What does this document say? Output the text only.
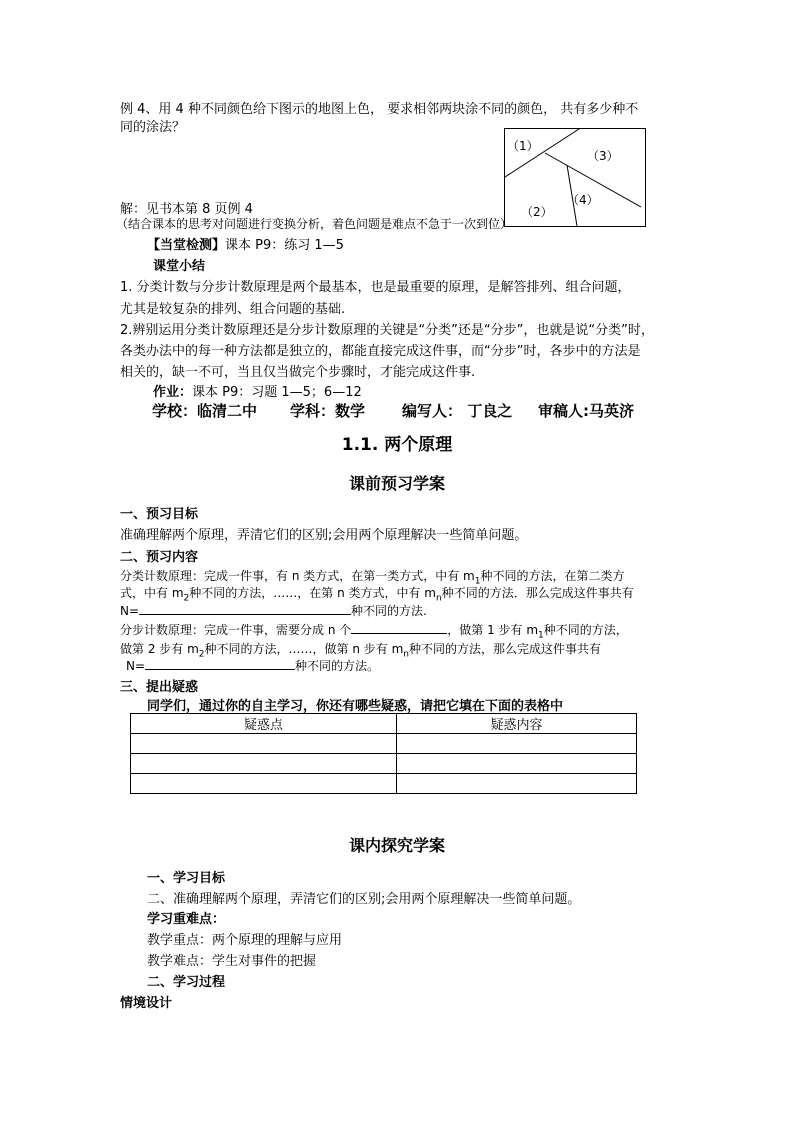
例 4、用 4 种不同颜色给下图示的地图上色， 要求相邻两块涂不同的颜色， 共有多少种不
同的涂法？
（1）
（3）
（4）
（2）
解：见书本第 8 页例 4
（结合课本的思考对问题进行变换分析，着色问题是难点不急于一次到位）
【当堂检测】课本 P9：练习 1—5
课堂小结
1. 分类计数与分步计数原理是两个最基本，也是最重要的原理，是解答排列、组合问题，
尤其是较复杂的排列、组合问题的基础.
2.辨别运用分类计数原理还是分步计数原理的关键是“分类”还是“分步”，也就是说“分类”时，
各类办法中的每一种方法都是独立的，都能直接完成这件事，而“分步”时，各步中的方法是
相关的，缺一不可，当且仅当做完个步骤时，才能完成这件事.
作业：课本 P9：习题 1—5；6—12
学校：临清二中 学科：数学 编写人： 丁良之 审稿人:马英济
1.1. 两个原理
课前预习学案
一、预习目标
准确理解两个原理，弄清它们的区别;会用两个原理解决一些简单问题。
二、预习内容
分类计数原理：完成一件事，有 n 类方式，在第一类方式，中有 $m_1$种不同的方法，在第二类方
式，中有 $m_2$种不同的方法，……，在第 n 类方式，中有 $m_n$种不同的方法．那么完成这件事共有
N=	种不同的方法.
分步计数原理：完成一件事，需要分成 n 个	，做第 1 步有 $m_1$种不同的方法，
做第 2 步有 $m_2$种不同的方法，……，做第 n 步有 $m_n$种不同的方法，那么完成这件事共有
N=	种不同的方法。
三、提出疑惑
同学们，通过你的自主学习，你还有哪些疑惑，请把它填在下面的表格中
疑惑点	疑惑内容

课内探究学案
一、学习目标
二、准确理解两个原理，弄清它们的区别;会用两个原理解决一些简单问题。
学习重难点：
教学重点：两个原理的理解与应用
教学难点：学生对事件的把握
二、学习过程
情境设计
